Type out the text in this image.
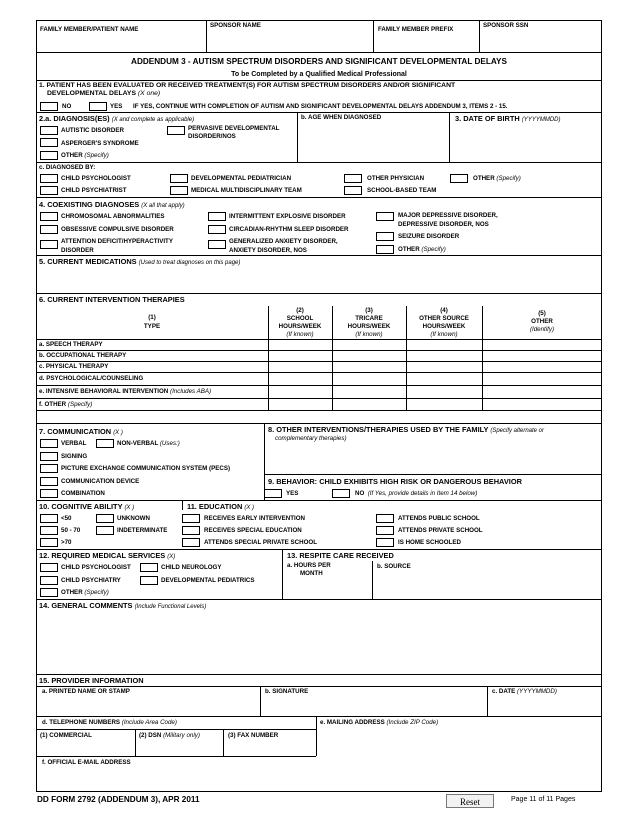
FAMILY MEMBER/PATIENT NAME
SPONSOR NAME
FAMILY MEMBER PREFIX
SPONSOR SSN
ADDENDUM 3 - AUTISM SPECTRUM DISORDERS AND SIGNIFICANT DEVELOPMENTAL DELAYS
To be Completed by a Qualified Medical Professional
1. PATIENT HAS BEEN EVALUATED OR RECEIVED TREATMENT(S) FOR AUTISM SPECTRUM DISORDERS AND/OR SIGNIFICANT
DEVELOPMENTAL DELAYS (X one)
NO	YES IF YES, CONTINUE WITH COMPLETION OF AUTISM AND SIGNIFICANT DEVELOPMENTAL DELAYS ADDENDUM 3, ITEMS 2 - 15.
2.a. DIAGNOSIS(ES) (X and complete as applicable)	b. AGE WHEN DIAGNOSED	3. DATE OF BIRTH (YYYYMMDD)
AUTISTIC DISORDER	PERVASIVE DEVELOPMENTAL
DISORDER/NOS
ASPERGER'S SYNDROME
OTHER (Specify)
c. DIAGNOSED BY:
CHILD PSYCHOLOGIST	DEVELOPMENTAL PEDIATRICIAN	OTHER PHYSICIAN	OTHER (Specify)
CHILD PSYCHIATRIST	MEDICAL MULTIDISCIPLINARY TEAM	SCHOOL-BASED TEAM
4. COEXISTING DIAGNOSES (X all that apply)
CHROMOSOMAL ABNORMALITIES	INTERMITTENT EXPLOSIVE DISORDER	MAJOR DEPRESSIVE DISORDER,
DEPRESSIVE DISORDER, NOS
OBSESSIVE COMPULSIVE DISORDER	CIRCADIAN-RHYTHM SLEEP DISORDER
SEIZURE DISORDER
ATTENTION DEFICIT/HYPERACTIVITY
DISORDER
GENERALIZED ANXIETY DISORDER,
ANXIETY DISORDER, NOS	OTHER (Specify)
5. CURRENT MEDICATIONS (Used to treat diagnoses on this page)
6. CURRENT INTERVENTION THERAPIES
(1)
TYPE
(2)
SCHOOL
HOURS/WEEK
(If known)
(3)
TRICARE
HOURS/WEEK
(If known)
(4)
OTHER SOURCE
HOURS/WEEK
(If known)
(5)
OTHER
(Identify)
a. SPEECH THERAPY
b. OCCUPATIONAL THERAPY
c. PHYSICAL THERAPY
d. PSYCHOLOGICAL/COUNSELING
e. INTENSIVE BEHAVIORAL INTERVENTION (Includes ABA)
f. OTHER (Specify)
7. COMMUNICATION (X )
VERBAL	NON-VERBAL (Uses:)
SIGNING
PICTURE EXCHANGE COMMUNICATION SYSTEM (PECS)
COMMUNICATION DEVICE
COMBINATION
8. OTHER INTERVENTIONS/THERAPIES USED BY THE FAMILY (Specify alternate or
complementary therapies)
9. BEHAVIOR: CHILD EXHIBITS HIGH RISK OR DANGEROUS BEHAVIOR
YES	NO (If Yes, provide details in Item 14 below)
10. COGNITIVE ABILITY (X )	11. EDUCATION (X )
<50	UNKNOWN	RECEIVES EARLY INTERVENTION	ATTENDS PUBLIC SCHOOL
50 - 70	INDETERMINATE	RECEIVES SPECIAL EDUCATION	ATTENDS PRIVATE SCHOOL
>70	ATTENDS SPECIAL PRIVATE SCHOOL	IS HOME SCHOOLED
12. REQUIRED MEDICAL SERVICES (X)	13. RESPITE CARE RECEIVED
CHILD PSYCHOLOGIST	CHILD NEUROLOGY	a. HOURS PER
MONTH
b. SOURCE
CHILD PSYCHIATRY	DEVELOPMENTAL PEDIATRICS
OTHER (Specify)
14. GENERAL COMMENTS (Include Functional Levels)
15. PROVIDER INFORMATION
a. PRINTED NAME OR STAMP	b. SIGNATURE	c. DATE (YYYYMMDD)
d. TELEPHONE NUMBERS (Include Area Code)	e. MAILING ADDRESS (Include ZIP Code)
(1) COMMERCIAL	(2) DSN (Military only)	(3) FAX NUMBER
f. OFFICIAL E-MAIL ADDRESS
DD FORM 2792 (ADDENDUM 3), APR 2011	Reset	Page 11 of 11 Pages
